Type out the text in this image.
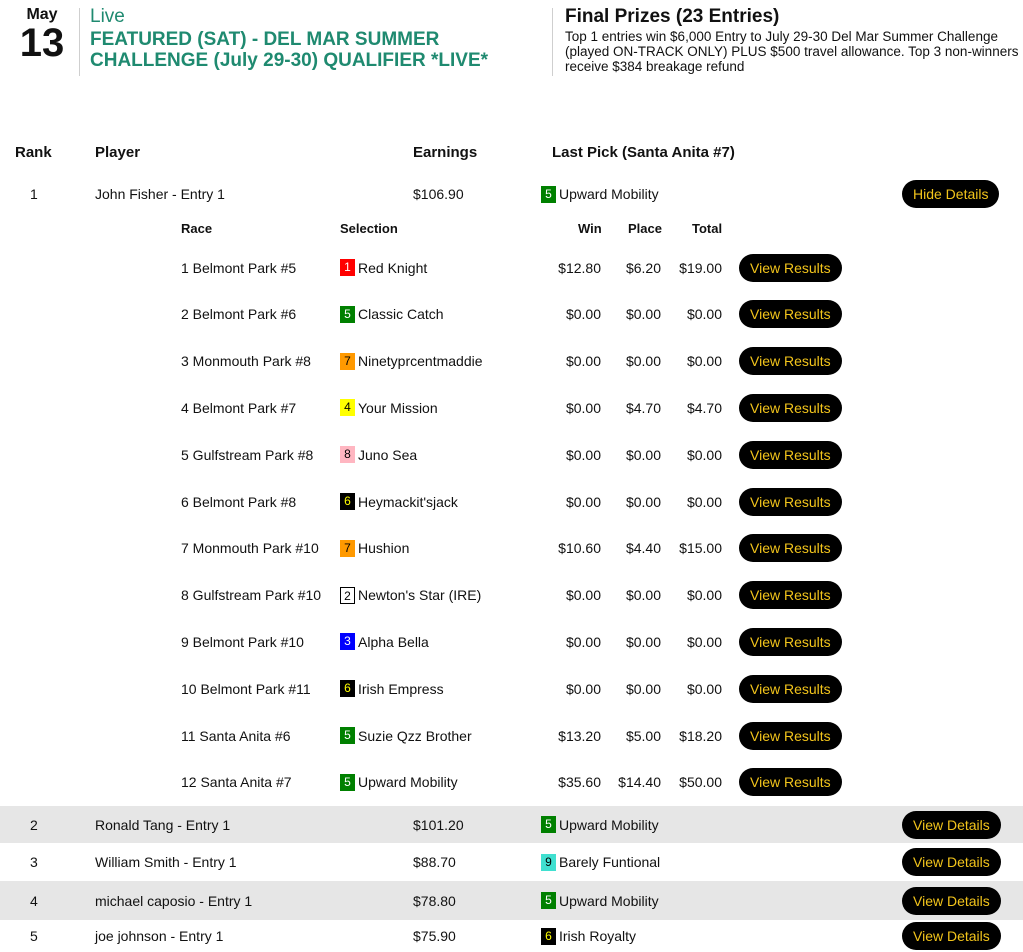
May
13
Live
FEATURED (SAT) - DEL MAR SUMMER CHALLENGE (July 29-30) QUALIFIER *LIVE*
Final Prizes (23 Entries)
Top 1 entries win $6,000 Entry to July 29-30 Del Mar Summer Challenge (played ON-TRACK ONLY) PLUS $500 travel allowance. Top 3 non-winners receive $384 breakage refund
Rank	Player	Earnings	Last Pick (Santa Anita #7)
1	John Fisher - Entry 1	$106.90	5 Upward Mobility	Hide Details
Race	Selection	Win Place Total
1 Belmont Park #5	1 Red Knight	$12.80	$6.20	$19.00	View Results
2 Belmont Park #6	5 Classic Catch	$0.00	$0.00	$0.00	View Results
3 Monmouth Park #8	7 Ninetyprcentmaddie	$0.00	$0.00	$0.00	View Results
4 Belmont Park #7	4 Your Mission	$0.00	$4.70	$4.70	View Results
5 Gulfstream Park #8	8 Juno Sea	$0.00	$0.00	$0.00	View Results
6 Belmont Park #8	6 Heymackit'sjack	$0.00	$0.00	$0.00	View Results
7 Monmouth Park #10	7 Hushion	$10.60	$4.40	$15.00	View Results
8 Gulfstream Park #10	2 Newton's Star (IRE)	$0.00	$0.00	$0.00	View Results
9 Belmont Park #10	3 Alpha Bella	$0.00	$0.00	$0.00	View Results
10 Belmont Park #11	6 Irish Empress	$0.00	$0.00	$0.00	View Results
11 Santa Anita #6	5 Suzie Qzz Brother	$13.20	$5.00	$18.20	View Results
12 Santa Anita #7	5 Upward Mobility	$35.60	$14.40	$50.00	View Results
2	Ronald Tang - Entry 1	$101.20	5 Upward Mobility	View Details
3	William Smith - Entry 1	$88.70	9 Barely Funtional	View Details
4	michael caposio - Entry 1	$78.80	5 Upward Mobility	View Details
5	joe johnson - Entry 1	$75.90	6 Irish Royalty	View Details
